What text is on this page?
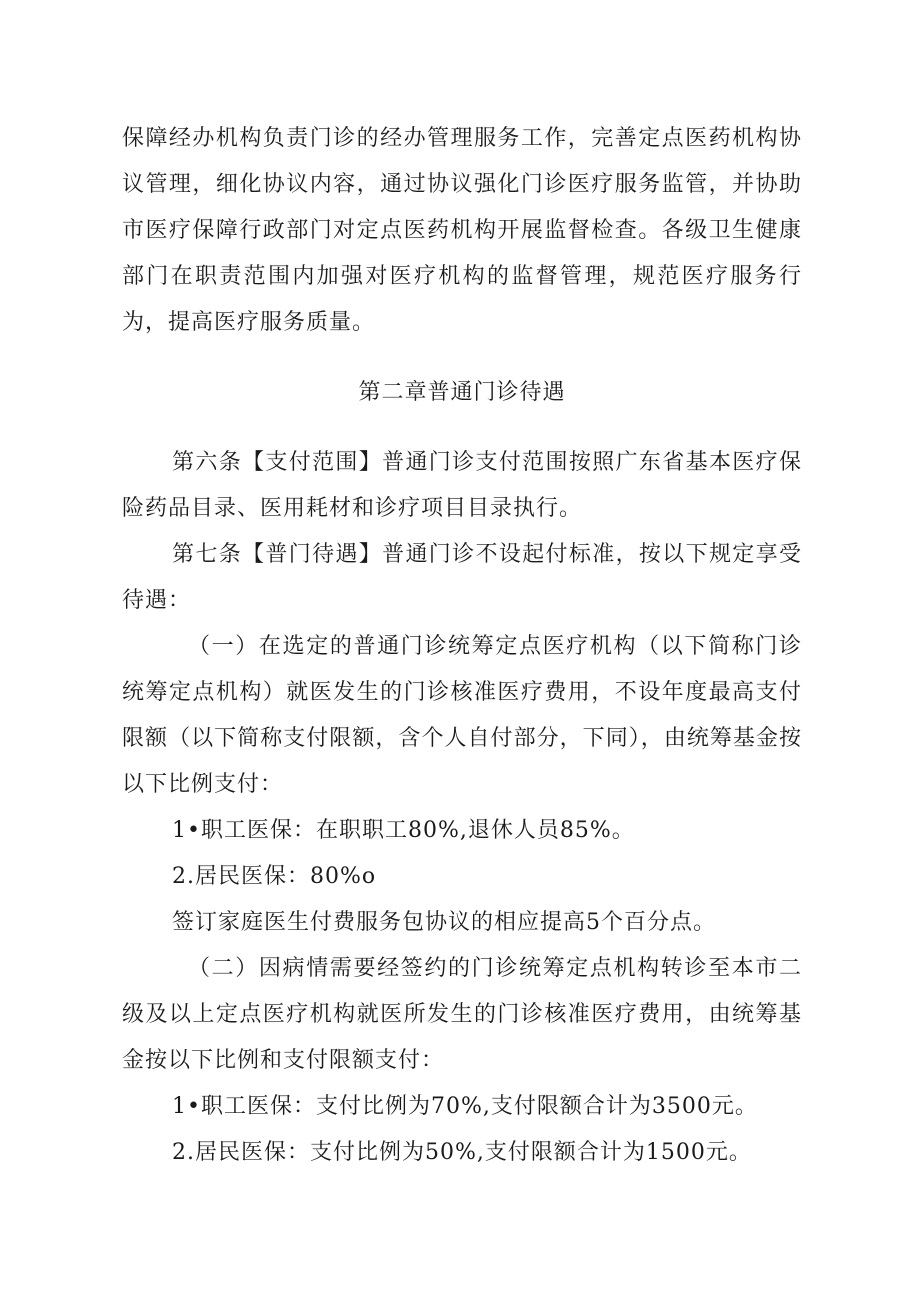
保障经办机构负责门诊的经办管理服务工作，完善定点医药机构协议管理，细化协议内容，通过协议强化门诊医疗服务监管，并协助市医疗保障行政部门对定点医药机构开展监督检查。各级卫生健康部门在职责范围内加强对医疗机构的监督管理，规范医疗服务行为，提高医疗服务质量。

第二章普通门诊待遇

第六条【支付范围】普通门诊支付范围按照广东省基本医疗保险药品目录、医用耗材和诊疗项目目录执行。

第七条【普门待遇】普通门诊不设起付标准，按以下规定享受待遇：

（一）在选定的普通门诊统筹定点医疗机构（以下简称门诊统筹定点机构）就医发生的门诊核准医疗费用，不设年度最高支付限额（以下简称支付限额，含个人自付部分，下同），由统筹基金按以下比例支付：

1•职工医保：在职职工80%,退休人员85%。

2.居民医保：80%o

签订家庭医生付费服务包协议的相应提高5个百分点。

（二）因病情需要经签约的门诊统筹定点机构转诊至本市二级及以上定点医疗机构就医所发生的门诊核准医疗费用，由统筹基金按以下比例和支付限额支付：

1•职工医保：支付比例为70%,支付限额合计为3500元。

2.居民医保：支付比例为50%,支付限额合计为1500元。
